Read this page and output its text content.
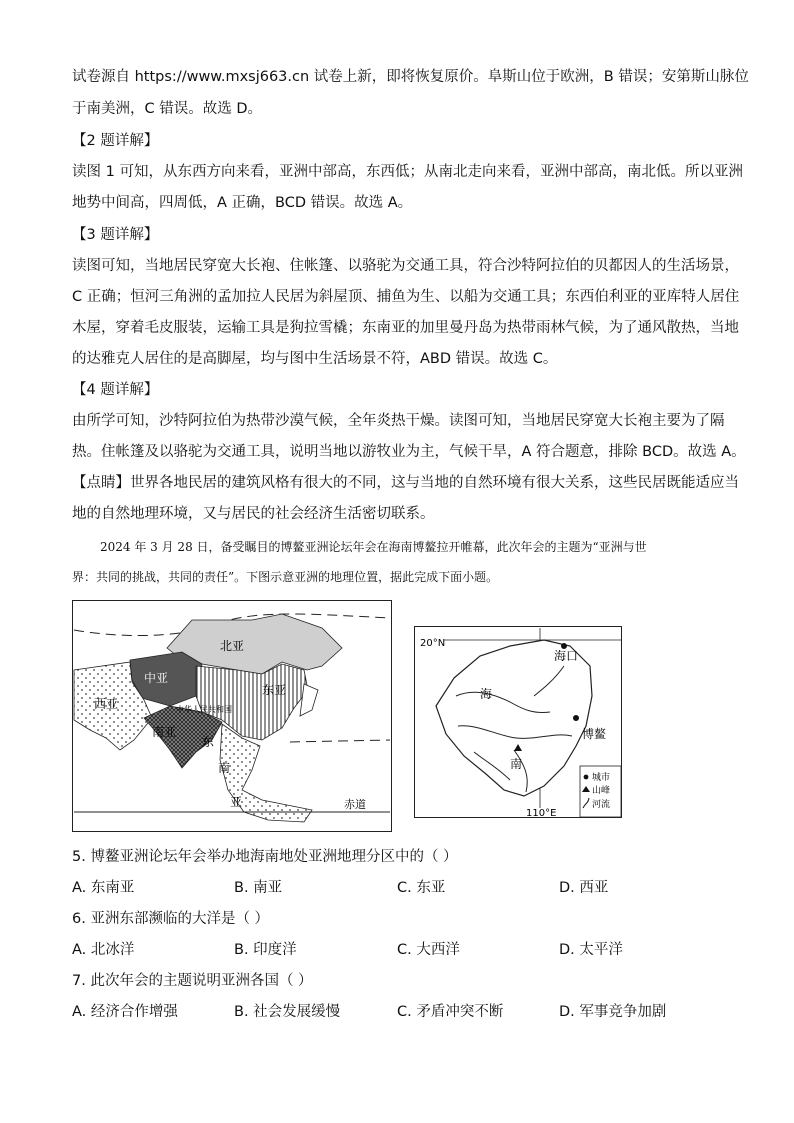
试卷源自 https://www.mxsj663.cn 试卷上新，即将恢复原价。阜斯山位于欧洲，B 错误；安第斯山脉位
于南美洲，C 错误。故选 D。
【2 题详解】
读图 1 可知，从东西方向来看，亚洲中部高，东西低；从南北走向来看，亚洲中部高，南北低。所以亚洲
地势中间高，四周低，A 正确，BCD 错误。故选 A。
【3 题详解】
读图可知，当地居民穿宽大长袍、住帐篷、以骆驼为交通工具，符合沙特阿拉伯的贝都因人的生活场景，
C 正确；恒河三角洲的孟加拉人民居为斜屋顶、捕鱼为生、以船为交通工具；东西伯利亚的亚库特人居住
木屋，穿着毛皮服装，运输工具是狗拉雪橇；东南亚的加里曼丹岛为热带雨林气候，为了通风散热，当地
的达雅克人居住的是高脚屋，均与图中生活场景不符，ABD 错误。故选 C。
【4 题详解】
由所学可知，沙特阿拉伯为热带沙漠气候，全年炎热干燥。读图可知，当地居民穿宽大长袍主要为了隔
热。住帐篷及以骆驼为交通工具，说明当地以游牧业为主，气候干旱，A 符合题意，排除 BCD。故选 A。
【点睛】世界各地民居的建筑风格有很大的不同，这与当地的自然环境有很大关系，这些民居既能适应当
地的自然地理环境，又与居民的社会经济生活密切联系。
2024 年 3 月 28 日，备受瞩目的博鳌亚洲论坛年会在海南博鳌拉开帷幕，此次年会的主题为“亚洲与世
界：共同的挑战，共同的责任”。下图示意亚洲的地理位置，据此完成下面小题。
北亚
中亚
西亚
东亚
南亚
东
南
亚
中华人民共和国
赤道
20°N
海口
博鳌
海
南
110°E
城市
山峰
河流
5. 博鳌亚洲论坛年会举办地海南地处亚洲地理分区中的（ ）
A. 东南亚	B. 南亚	C. 东亚	D. 西亚
6. 亚洲东部濒临的大洋是（ ）
A. 北冰洋	B. 印度洋	C. 大西洋	D. 太平洋
7. 此次年会的主题说明亚洲各国（ ）
A. 经济合作增强	B. 社会发展缓慢	C. 矛盾冲突不断	D. 军事竞争加剧
